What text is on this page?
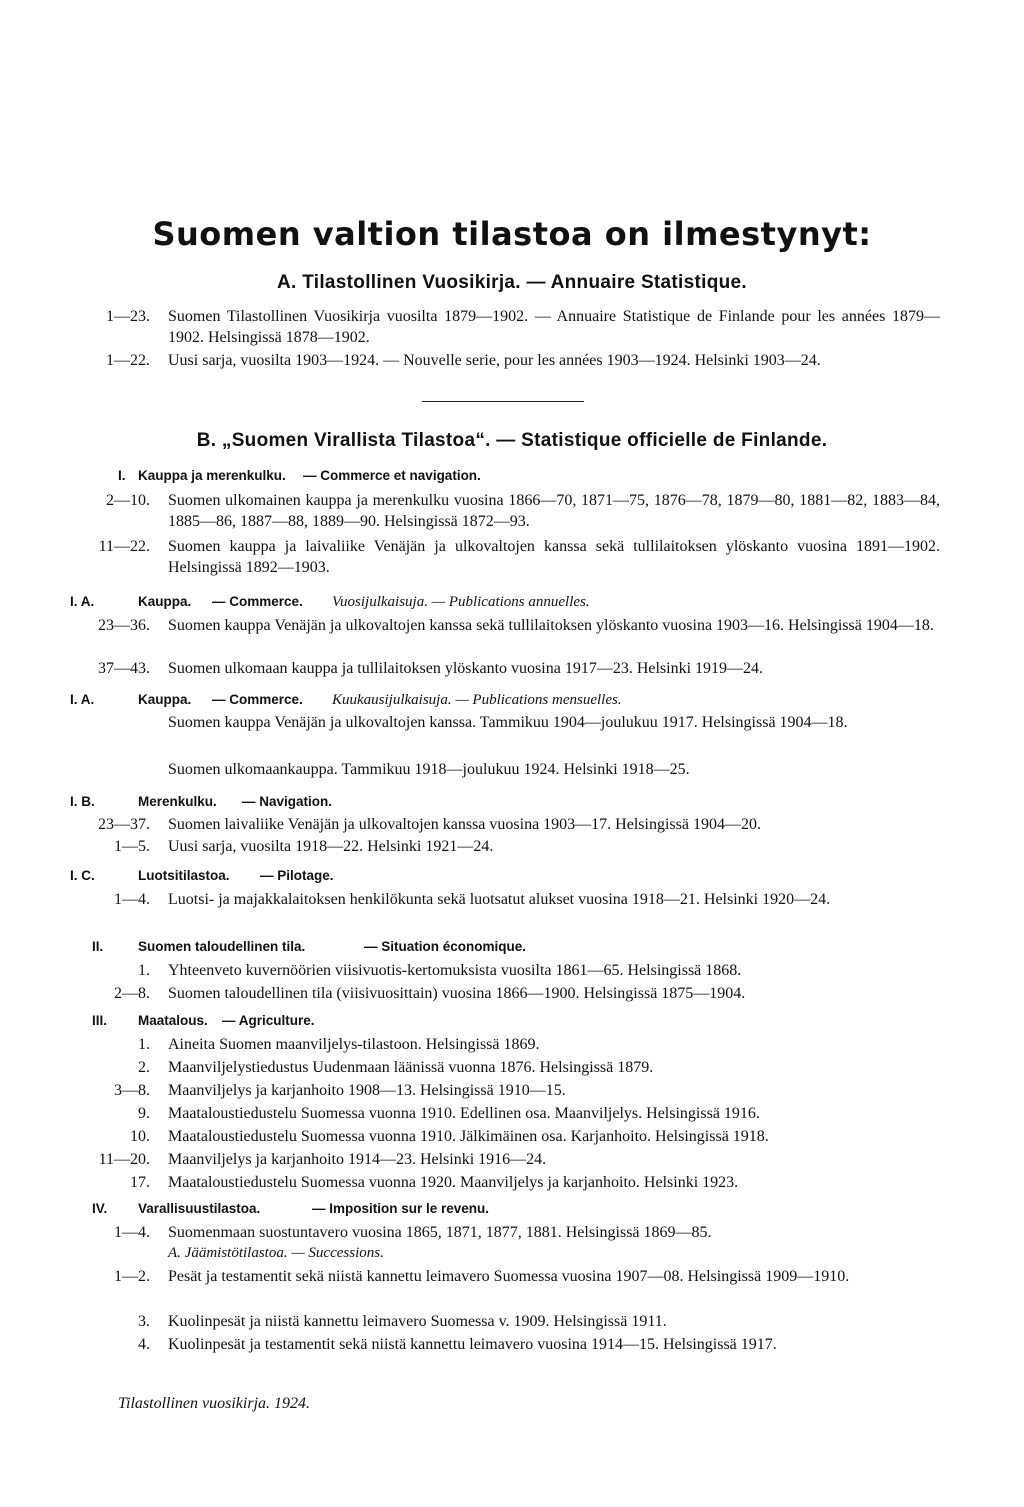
Suomen valtion tilastoa on ilmestynyt:
A. Tilastollinen Vuosikirja. — Annuaire Statistique.
1—23. Suomen Tilastollinen Vuosikirja vuosilta 1879—1902. — Annuaire Statistique de Finlande pour les années 1879—1902. Helsingissä 1878—1902.
1—22. Uusi sarja, vuosilta 1903—1924. — Nouvelle serie, pour les années 1903—1924. Helsinki 1903—24.
B. „Suomen Virallista Tilastoa“. — Statistique officielle de Finlande.
I. Kauppa ja merenkulku. — Commerce et navigation.
2—10. Suomen ulkomainen kauppa ja merenkulku vuosina 1866—70, 1871—75, 1876—78, 1879—80, 1881—82, 1883—84, 1885—86, 1887—88, 1889—90. Helsingissä 1872—93.
11—22. Suomen kauppa ja laivaliike Venäjän ja ulkovaltojen kanssa sekä tullilaitoksen ylöskanto vuosina 1891—1902. Helsingissä 1892—1903.
I. A.	Kauppa. — Commerce. Vuosijulkaisuja. — Publications annuelles.
23—36. Suomen kauppa Venäjän ja ulkovaltojen kanssa sekä tullilaitoksen ylöskanto vuosina 1903—16. Helsingissä 1904—18.
37—43. Suomen ulkomaan kauppa ja tullilaitoksen ylöskanto vuosina 1917—23. Helsinki 1919—24.
I. A.	Kauppa. — Commerce. Kuukausijulkaisuja. — Publications mensuelles.
Suomen kauppa Venäjän ja ulkovaltojen kanssa. Tammikuu 1904—joulukuu 1917. Helsingissä 1904—18.
Suomen ulkomaankauppa. Tammikuu 1918—joulukuu 1924. Helsinki 1918—25.
I. B.	Merenkulku. — Navigation.
23—37. Suomen laivaliike Venäjän ja ulkovaltojen kanssa vuosina 1903—17. Helsingissä 1904—20.
1—5. Uusi sarja, vuosilta 1918—22. Helsinki 1921—24.
I. C.	Luotsitilastoa. — Pilotage.
1—4. Luotsi- ja majakkalaitoksen henkilökunta sekä luotsatut alukset vuosina 1918—21. Helsinki 1920—24.
II.	Suomen taloudellinen tila.	— Situation économique.
1. Yhteenveto kuvernöörien viisivuotis-kertomuksista vuosilta 1861—65. Helsingissä 1868.
2—8. Suomen taloudellinen tila (viisivuosittain) vuosina 1866—1900. Helsingissä 1875—1904.
III. Maatalous. — Agriculture.
1. Aineita Suomen maanviljelys-tilastoon. Helsingissä 1869.
2. Maanviljelystiedustus Uudenmaan läänissä vuonna 1876. Helsingissä 1879.
3—8. Maanviljelys ja karjanhoito 1908—13. Helsingissä 1910—15.
9. Maataloustiedustelu Suomessa vuonna 1910. Edellinen osa. Maanviljelys. Helsingissä 1916.
10. Maataloustiedustelu Suomessa vuonna 1910. Jälkimäinen osa. Karjanhoito. Helsingissä 1918.
11—20. Maanviljelys ja karjanhoito 1914—23. Helsinki 1916—24.
17. Maataloustiedustelu Suomessa vuonna 1920. Maanviljelys ja karjanhoito. Helsinki 1923.
IV. Varallisuustilastoa.	— Imposition sur le revenu.
1—4. Suomenmaan suostuntavero vuosina 1865, 1871, 1877, 1881. Helsingissä 1869—85.
A. Jäämistötilastoa. — Successions.
1—2. Pesät ja testamentit sekä niistä kannettu leimavero Suomessa vuosina 1907—08. Helsingissä 1909—1910.
3. Kuolinpesät ja niistä kannettu leimavero Suomessa v. 1909. Helsingissä 1911.
4. Kuolinpesät ja testamentit sekä niistä kannettu leimavero vuosina 1914—15. Helsingissä 1917.
Tilastollinen vuosikirja. 1924.
